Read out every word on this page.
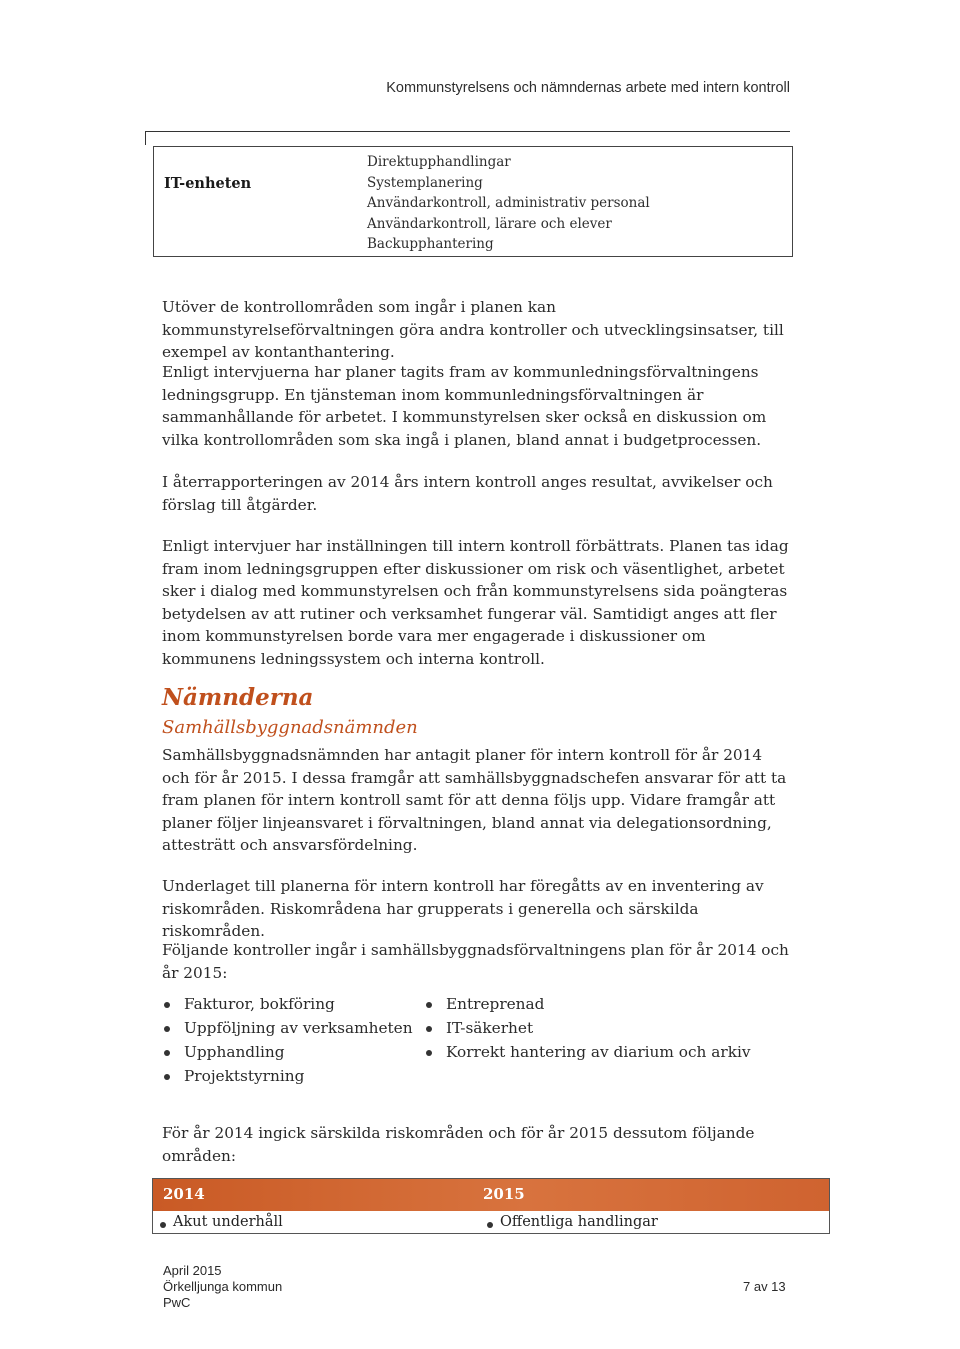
Kommunstyrelsens och nämndernas arbete med intern kontroll
IT-enheten
Direktupphandlingar
Systemplanering
Användarkontroll, administrativ personal
Användarkontroll, lärare och elever
Backupphantering

Utöver de kontrollområden som ingår i planen kan kommunstyrelseförvaltningen göra andra kontroller och utvecklingsinsatser, till exempel av kontanthantering.

Enligt intervjuerna har planer tagits fram av kommunledningsförvaltningens ledningsgrupp. En tjänsteman inom kommunledningsförvaltningen är sammanhållande för arbetet. I kommunstyrelsen sker också en diskussion om vilka kontrollområden som ska ingå i planen, bland annat i budgetprocessen.

I återrapporteringen av 2014 års intern kontroll anges resultat, avvikelser och förslag till åtgärder.

Enligt intervjuer har inställningen till intern kontroll förbättrats. Planen tas idag fram inom ledningsgruppen efter diskussioner om risk och väsentlighet, arbetet sker i dialog med kommunstyrelsen och från kommunstyrelsens sida poängteras betydelsen av att rutiner och verksamhet fungerar väl. Samtidigt anges att fler inom kommunstyrelsen borde vara mer engagerade i diskussioner om kommunens ledningssystem och interna kontroll.

Nämnderna
Samhällsbyggnadsnämnden

Samhällsbyggnadsnämnden har antagit planer för intern kontroll för år 2014 och för år 2015. I dessa framgår att samhällsbyggnadschefen ansvarar för att ta fram planen för intern kontroll samt för att denna följs upp. Vidare framgår att planer följer linjeansvaret i förvaltningen, bland annat via delegationsordning, attesträtt och ansvarsfördelning.

Underlaget till planerna för intern kontroll har föregåtts av en inventering av riskområden. Riskområdena har grupperats i generella och särskilda riskområden.

Följande kontroller ingår i samhällsbyggnadsförvaltningens plan för år 2014 och år 2015:

Fakturor, bokföring
Uppföljning av verksamheten
Upphandling
Projektstyrning
Entreprenad
IT-säkerhet
Korrekt hantering av diarium och arkiv

För år 2014 ingick särskilda riskområden och för år 2015 dessutom följande områden:

2014	2015
Akut underhåll	Offentliga handlingar
April 2015
Örkelljunga kommun
PwC
7 av 13
